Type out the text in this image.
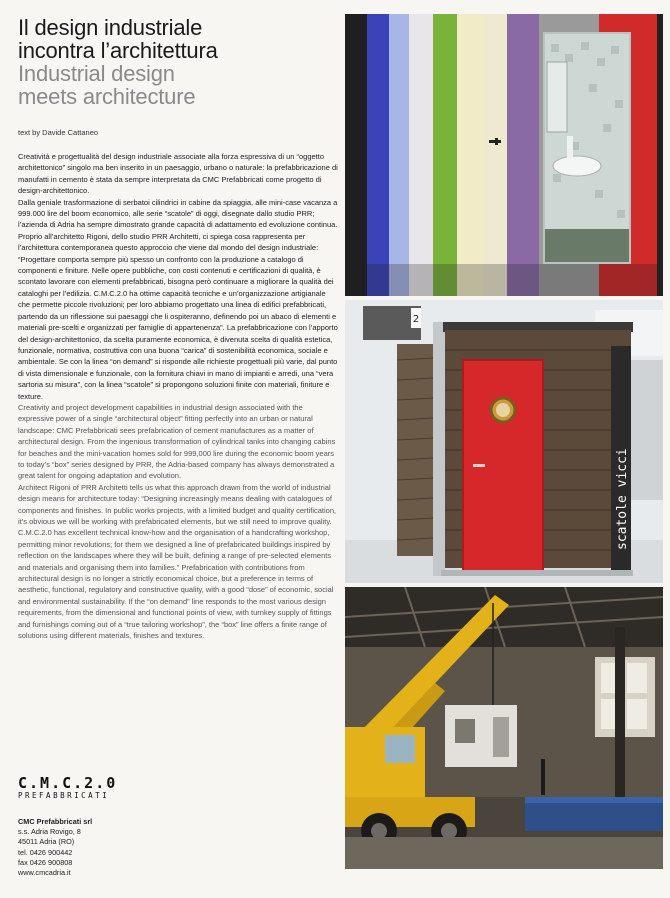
Il design industriale
incontra l’architettura
Industrial design
meets architecture
text by Davide Cattaneo

Creatività e progettualità del design industriale associate alla forza espressiva di un “oggetto architettonico” singolo ma ben inserito in un paesaggio, urbano o naturale: la prefabbricazione di manufatti in cemento è stata da sempre interpretata da CMC Prefabbricati come progetto di design-architettonico.

Dalla geniale trasformazione di serbatoi cilindrici in cabine da spiaggia, alle mini-case vacanza a 999.000 lire del boom economico, alle serie “scatole” di oggi, disegnate dallo studio PRR; l’azienda di Adria ha sempre dimostrato grande capacità di adattamento ed evoluzione continua.

Proprio all’architetto Rigoni, dello studio PRR Architetti, ci spiega cosa rappresenta per l’architettura contemporanea questo approccio che viene dal mondo del design industriale: “Progettare comporta sempre più spesso un confronto con la produzione a catalogo di componenti e finiture. Nelle opere pubbliche, con costi contenuti e certificazioni di qualità, è scontato lavorare con elementi prefabbricati, bisogna però continuare a migliorare la qualità dei cataloghi per l’edilizia. C.M.C.2.0 ha ottime capacità tecniche e un’organizzazione artigianale che permette piccole rivoluzioni; per loro abbiamo progettato una linea di edifici prefabbricati, partendo da un riflessione sui paesaggi che li ospiteranno, definendo poi un abaco di elementi e materiali pre-scelti e organizzati per famiglie di appartenenza”. La prefabbricazione con l’apporto del design-architettonico, da scelta puramente economica, è divenuta scelta di qualità estetica, funzionale, normativa, costruttiva con una buona “carica” di sostenibilità economica, sociale e ambientale. Se con la linea “on demand” si risponde alle richieste progettuali più varie, dal punto di vista dimensionale e funzionale, con la fornitura chiavi in mano di impianti e arredi, una “vera sartoria su misura”, con la linea “scatole” si propongono soluzioni finite con materiali, finiture e texture.

Creativity and project development capabilities in industrial design associated with the expressive power of a single “architectural object” fitting perfectly into an urban or natural landscape: CMC Prefabbricati sees prefabrication of cement manufactures as a matter of architectural design. From the ingenious transformation of cylindrical tanks into changing cabins for beaches and the mini-vacation homes sold for 999,000 lire during the economic boom years to today’s “box” series designed by PRR, the Adria-based company has always demonstrated a great talent for ongoing adaptation and evolution.

Architect Rigoni of PRR Architetti tells us what this approach drawn from the world of industrial design means for architecture today: “Designing increasingly means dealing with catalogues of components and finishes. In public works projects, with a limited budget and quality certification, it’s obvious we will be working with prefabricated elements, but we still need to improve quality. C.M.C.2.0 has excellent technical know-how and the organisation of a handcrafting workshop, permitting minor revolutions; for them we designed a line of prefabricated buildings inspired by reflection on the landscapes where they will be built, defining a range of pre-selected elements and materials and organising them into families.” Prefabrication with contributions from architectural design is no longer a strictly economical choice, but a preference in terms of aesthetic, functional, regulatory and constructive quality, with a good “dose” of economic, social and environmental sustainability. If the “on demand” line responds to the most various design requirements, from the dimensional and functional points of view, with turnkey supply of fittings and furnishings coming out of a “true tailoring workshop”, the “box” line offers a finite range of solutions using different materials, finishes and textures.

C.M.C.2.0
PREFABBRICATI
CMC Prefabbricati srl
s.s. Adria Rovigo, 8
45011 Adria (RO)
tel. 0426 900442
fax 0426 900808
www.cmcadria.it
2
scatole vicci
